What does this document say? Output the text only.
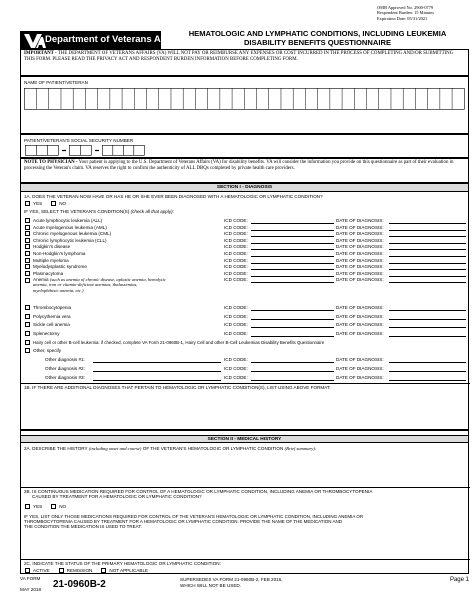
OMB Approved No. 2900-0779
Respondent Burden: 15 Minutes
Expiration Date: 05/31/2021
Department of Veterans Affairs
HEMATOLOGIC AND LYMPHATIC CONDITIONS, INCLUDING LEUKEMIA
DISABILITY BENEFITS QUESTIONNAIRE
IMPORTANT - THE DEPARTMENT OF VETERANS AFFAIRS (VA) WILL NOT PAY OR REIMBURSE ANY EXPENSES OR COST INCURRED IN THE PROCESS OF COMPLETING AND/OR SUBMITTING THIS FORM. PLEASE READ THE PRIVACY ACT AND RESPONDENT BURDEN INFORMATION BEFORE COMPLETING FORM.
NAME OF PATIENT/VETERAN
PATIENT/VETERAN'S SOCIAL SECURITY NUMBER
NOTE TO PHYSICIAN - Your patient is applying to the U.S. Department of Veterans Affairs (VA) for disability benefits. VA will consider the information you provide on this questionnaire as part of their evaluation in processing the Veteran's claim. VA reserves the right to confirm the authenticity of ALL DBQs completed by private health care providers.
SECTION I - DIAGNOSIS
1A. DOES THE VETERAN NOW HAVE OR HAS HE OR SHE EVER BEEN DIAGNOSED WITH A HEMATOLOGIC OR LYMPHATIC CONDITION?
YES	NO
IF YES, SELECT THE VETERAN'S CONDITION(S) (check all that apply):
Acute lymphocytic leukemia (ALL)	ICD CODE:	DATE OF DIAGNOSIS:
Acute myelogenous leukemia (AML)	ICD CODE:	DATE OF DIAGNOSIS:
Chronic myelogenous leukemia (CML)	ICD CODE:	DATE OF DIAGNOSIS:
Chronic lymphocytic leukemia (CLL)	ICD CODE:	DATE OF DIAGNOSIS:
Hodgkin's disease	ICD CODE:	DATE OF DIAGNOSIS:
Non-Hodgkin's lymphoma	ICD CODE:	DATE OF DIAGNOSIS:
Multiple myeloma	ICD CODE:	DATE OF DIAGNOSIS:
Myelodysplastic syndrome	ICD CODE:	DATE OF DIAGNOSIS:
Plasmacytoma	ICD CODE:	DATE OF DIAGNOSIS:
Anemia (such as anemia of chronic disease, aplastic anemia, hemolytic
anemia, iron or vitamin-deficient anemias, thalassemias,
myelophthisic anemia, etc.)
ICD CODE:	DATE OF DIAGNOSIS:
Thrombocytopenia	ICD CODE:	DATE OF DIAGNOSIS:
Polycythemia vera	ICD CODE:	DATE OF DIAGNOSIS:
Sickle cell anemia	ICD CODE:	DATE OF DIAGNOSIS:
Splenectomy	ICD CODE:	DATE OF DIAGNOSIS:
Hairy cell or other B-cell leukemia: if checked, complete VA Form 21-0960B-1, Hairy Cell and other B-Cell Leukemias Disability Benefits Questionnaire
Other, specify
Other diagnosis #1:	ICD CODE:	DATE OF DIAGNOSIS:
Other diagnosis #2:	ICD CODE:	DATE OF DIAGNOSIS:
Other diagnosis #3:	ICD CODE:	DATE OF DIAGNOSIS:
1B. IF THERE ARE ADDITIONAL DIAGNOSES THAT PERTAIN TO HEMATOLOGIC OR LYMPHATIC CONDITION(S), LIST USING ABOVE FORMAT:
SECTION II - MEDICAL HISTORY
2A. DESCRIBE THE HISTORY (including onset and course) OF THE VETERAN'S HEMATOLOGIC OR LYMPHATIC CONDITION (Brief summary):
2B. IS CONTINUOUS MEDICATION REQUIRED FOR CONTROL OF A HEMATOLOGIC OR LYMPHATIC CONDITION, INCLUDING ANEMIA OR THROMBOCYTOPENIA
CAUSED BY TREATMENT FOR A HEMATOLOGIC OR LYMPHATIC CONDITION?
YES	NO
IF YES, LIST ONLY THOSE MEDICATIONS REQUIRED FOR CONTROL OF THE VETERAN'S HEMATOLOGIC OR LYMPHATIC CONDITION, INCLUDING ANEMIA OR
THROMBOCYTOPENIA CAUSED BY TREATMENT FOR A HEMATOLOGIC OR LYMPHATIC CONDITION. PROVIDE THE NAME OF THE MEDICATION AND
THE CONDITION THE MEDICATION IS USED TO TREAT:
2C. INDICATE THE STATUS OF THE PRIMARY HEMATOLOGIC OR LYMPHATIC CONDITION:
ACTIVE	REMISSION	NOT APPLICABLE
VA FORM
MAY 2018 21-0960B-2	SUPERSEDES VA FORM 21-0960B-2, FEB 2015,
WHICH WILL NOT BE USED.
Page 1
